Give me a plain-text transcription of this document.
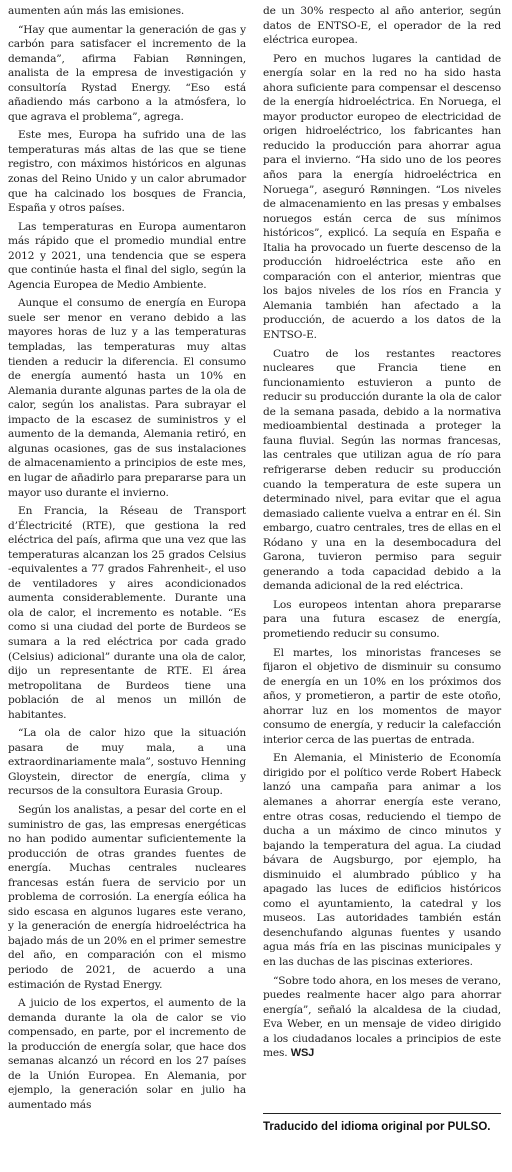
aumenten aún más las emisiones.

“Hay que aumentar la generación de gas y carbón para satisfacer el incremento de la demanda”, afirma Fabian Rønningen, analista de la empresa de investigación y consultoría Rystad Energy. “Eso está añadiendo más carbono a la atmósfera, lo que agrava el problema”, agrega.

Este mes, Europa ha sufrido una de las temperaturas más altas de las que se tiene registro, con máximos históricos en algunas zonas del Reino Unido y un calor abrumador que ha calcinado los bosques de Francia, España y otros países.

Las temperaturas en Europa aumentaron más rápido que el promedio mundial entre 2012 y 2021, una tendencia que se espera que continúe hasta el final del siglo, según la Agencia Europea de Medio Ambiente.

Aunque el consumo de energía en Europa suele ser menor en verano debido a las mayores horas de luz y a las temperaturas templadas, las temperaturas muy altas tienden a reducir la diferencia. El consumo de energía aumentó hasta un 10% en Alemania durante algunas partes de la ola de calor, según los analistas. Para subrayar el impacto de la escasez de suministros y el aumento de la demanda, Alemania retiró, en algunas ocasiones, gas de sus instalaciones de almacenamiento a principios de este mes, en lugar de añadirlo para prepararse para un mayor uso durante el invierno.

En Francia, la Réseau de Transport d’Électricité (RTE), que gestiona la red eléctrica del país, afirma que una vez que las temperaturas alcanzan los 25 grados Celsius -equivalentes a 77 grados Fahrenheit-, el uso de ventiladores y aires acondicionados aumenta considerablemente. Durante una ola de calor, el incremento es notable. “Es como si una ciudad del porte de Burdeos se sumara a la red eléctrica por cada grado (Celsius) adicional” durante una ola de calor, dijo un representante de RTE. El área metropolitana de Burdeos tiene una población de al menos un millón de habitantes.

“La ola de calor hizo que la situación pasara de muy mala, a una extraordinariamente mala”, sostuvo Henning Gloystein, director de energía, clima y recursos de la consultora Eurasia Group.

Según los analistas, a pesar del corte en el suministro de gas, las empresas energéticas no han podido aumentar suficientemente la producción de otras grandes fuentes de energía. Muchas centrales nucleares francesas están fuera de servicio por un problema de corrosión. La energía eólica ha sido escasa en algunos lugares este verano, y la generación de energía hidroeléctrica ha bajado más de un 20% en el primer semestre del año, en comparación con el mismo periodo de 2021, de acuerdo a una estimación de Rystad Energy.

A juicio de los expertos, el aumento de la demanda durante la ola de calor se vio compensado, en parte, por el incremento de la producción de energía solar, que hace dos semanas alcanzó un récord en los 27 países de la Unión Europea. En Alemania, por ejemplo, la generación solar en julio ha aumentado más

de un 30% respecto al año anterior, según datos de ENTSO-E, el operador de la red eléctrica europea.

Pero en muchos lugares la cantidad de energía solar en la red no ha sido hasta ahora suficiente para compensar el descenso de la energía hidroeléctrica. En Noruega, el mayor productor europeo de electricidad de origen hidroeléctrico, los fabricantes han reducido la producción para ahorrar agua para el invierno. “Ha sido uno de los peores años para la energía hidroeléctrica en Noruega”, aseguró Rønningen. “Los niveles de almacenamiento en las presas y embalses noruegos están cerca de sus mínimos históricos”, explicó. La sequía en España e Italia ha provocado un fuerte descenso de la producción hidroeléctrica este año en comparación con el anterior, mientras que los bajos niveles de los ríos en Francia y Alemania también han afectado a la producción, de acuerdo a los datos de la ENTSO-E.

Cuatro de los restantes reactores nucleares que Francia tiene en funcionamiento estuvieron a punto de reducir su producción durante la ola de calor de la semana pasada, debido a la normativa medioambiental destinada a proteger la fauna fluvial. Según las normas francesas, las centrales que utilizan agua de río para refrigerarse deben reducir su producción cuando la temperatura de este supera un determinado nivel, para evitar que el agua demasiado caliente vuelva a entrar en él. Sin embargo, cuatro centrales, tres de ellas en el Ródano y una en la desembocadura del Garona, tuvieron permiso para seguir generando a toda capacidad debido a la demanda adicional de la red eléctrica.

Los europeos intentan ahora prepararse para una futura escasez de energía, prometiendo reducir su consumo.

El martes, los minoristas franceses se fijaron el objetivo de disminuir su consumo de energía en un 10% en los próximos dos años, y prometieron, a partir de este otoño, ahorrar luz en los momentos de mayor consumo de energía, y reducir la calefacción interior cerca de las puertas de entrada.

En Alemania, el Ministerio de Economía dirigido por el político verde Robert Habeck lanzó una campaña para animar a los alemanes a ahorrar energía este verano, entre otras cosas, reduciendo el tiempo de ducha a un máximo de cinco minutos y bajando la temperatura del agua. La ciudad bávara de Augsburgo, por ejemplo, ha disminuido el alumbrado público y ha apagado las luces de edificios históricos como el ayuntamiento, la catedral y los museos. Las autoridades también están desenchufando algunas fuentes y usando agua más fría en las piscinas municipales y en las duchas de las piscinas exteriores.

“Sobre todo ahora, en los meses de verano, puedes realmente hacer algo para ahorrar energía”, señaló la alcaldesa de la ciudad, Eva Weber, en un mensaje de video dirigido a los ciudadanos locales a principios de este mes. WSJ

Traducido del idioma original por PULSO.
